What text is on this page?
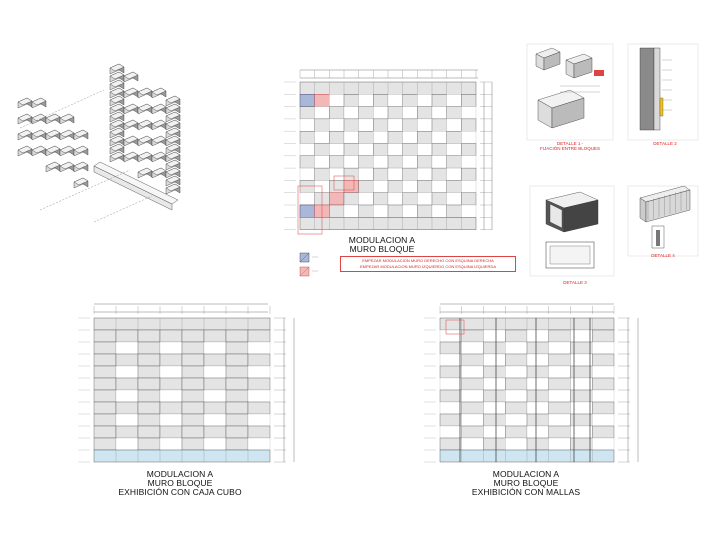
MODULACION A
MURO BLOQUE
EMPEZAR MODULACION MURO DERECHO CON ESQUINA DERECHA
EMPEZAR MODULACION MURO IZQUIERDO CON ESQUINA IZQUIERDA
DETALLE 1 -
FIJACIÓN ENTRE BLOQUES
DETALLE 2
DETALLE 3
DETALLE 4
MODULACION A
MURO BLOQUE
EXHIBICIÓN CON CAJA CUBO
MODULACION A
MURO BLOQUE
EXHIBICIÓN CON MALLAS
